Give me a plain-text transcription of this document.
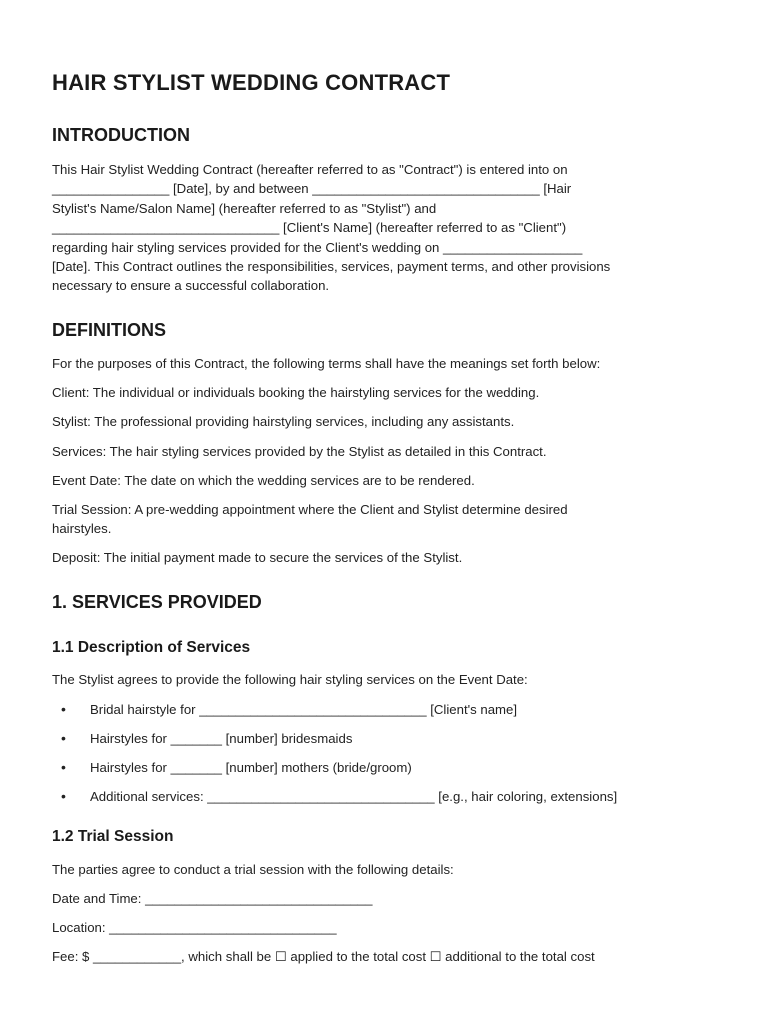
HAIR STYLIST WEDDING CONTRACT
INTRODUCTION
This Hair Stylist Wedding Contract (hereafter referred to as "Contract") is entered into on
________________ [Date], by and between _______________________________ [Hair
Stylist's Name/Salon Name] (hereafter referred to as "Stylist") and
_______________________________ [Client's Name] (hereafter referred to as "Client")
regarding hair styling services provided for the Client's wedding on ___________________
[Date]. This Contract outlines the responsibilities, services, payment terms, and other provisions
necessary to ensure a successful collaboration.
DEFINITIONS

For the purposes of this Contract, the following terms shall have the meanings set forth below:

Client: The individual or individuals booking the hairstyling services for the wedding.

Stylist: The professional providing hairstyling services, including any assistants.

Services: The hair styling services provided by the Stylist as detailed in this Contract.

Event Date: The date on which the wedding services are to be rendered.

Trial Session: A pre-wedding appointment where the Client and Stylist determine desired
hairstyles.

Deposit: The initial payment made to secure the services of the Stylist.

1. SERVICES PROVIDED
1.1 Description of Services

The Stylist agrees to provide the following hair styling services on the Event Date:

•

Bridal hairstyle for _______________________________ [Client's name]

•

Hairstyles for _______ [number] bridesmaids

•

Hairstyles for _______ [number] mothers (bride/groom)

•

Additional services: _______________________________ [e.g., hair coloring, extensions]

1.2 Trial Session

The parties agree to conduct a trial session with the following details:

Date and Time: _______________________________

Location: _______________________________

Fee: $ ____________, which shall be ☐ applied to the total cost ☐ additional to the total cost
